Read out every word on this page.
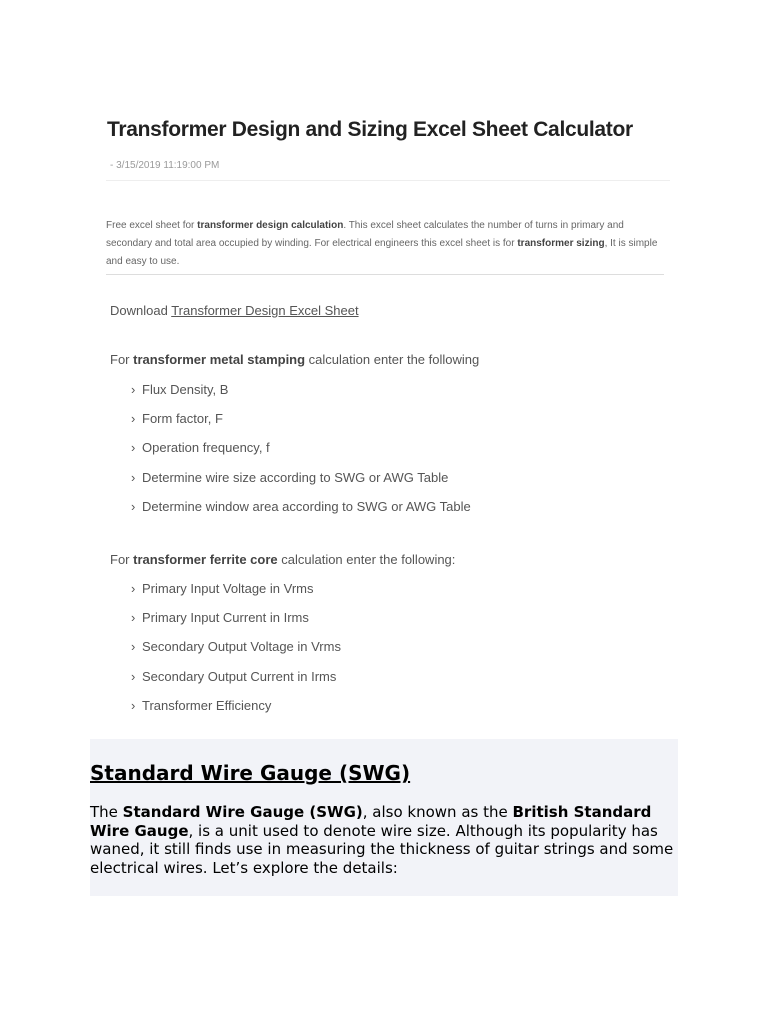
Transformer Design and Sizing Excel Sheet Calculator
- 3/15/2019 11:19:00 PM

Free excel sheet for transformer design calculation. This excel sheet calculates the number of turns in primary and secondary and total area occupied by winding. For electrical engineers this excel sheet is for transformer sizing, It is simple and easy to use.

Download Transformer Design Excel Sheet
For transformer metal stamping calculation enter the following
› Flux Density, B
› Form factor, F
› Operation frequency, f
› Determine wire size according to SWG or AWG Table
› Determine window area according to SWG or AWG Table
For transformer ferrite core calculation enter the following:
› Primary Input Voltage in Vrms
› Primary Input Current in Irms
› Secondary Output Voltage in Vrms
› Secondary Output Current in Irms
› Transformer Efficiency
Standard Wire Gauge (SWG)

The Standard Wire Gauge (SWG), also known as the British Standard Wire Gauge, is a unit used to denote wire size. Although its popularity has waned, it still finds use in measuring the thickness of guitar strings and some electrical wires. Let’s explore the details:
